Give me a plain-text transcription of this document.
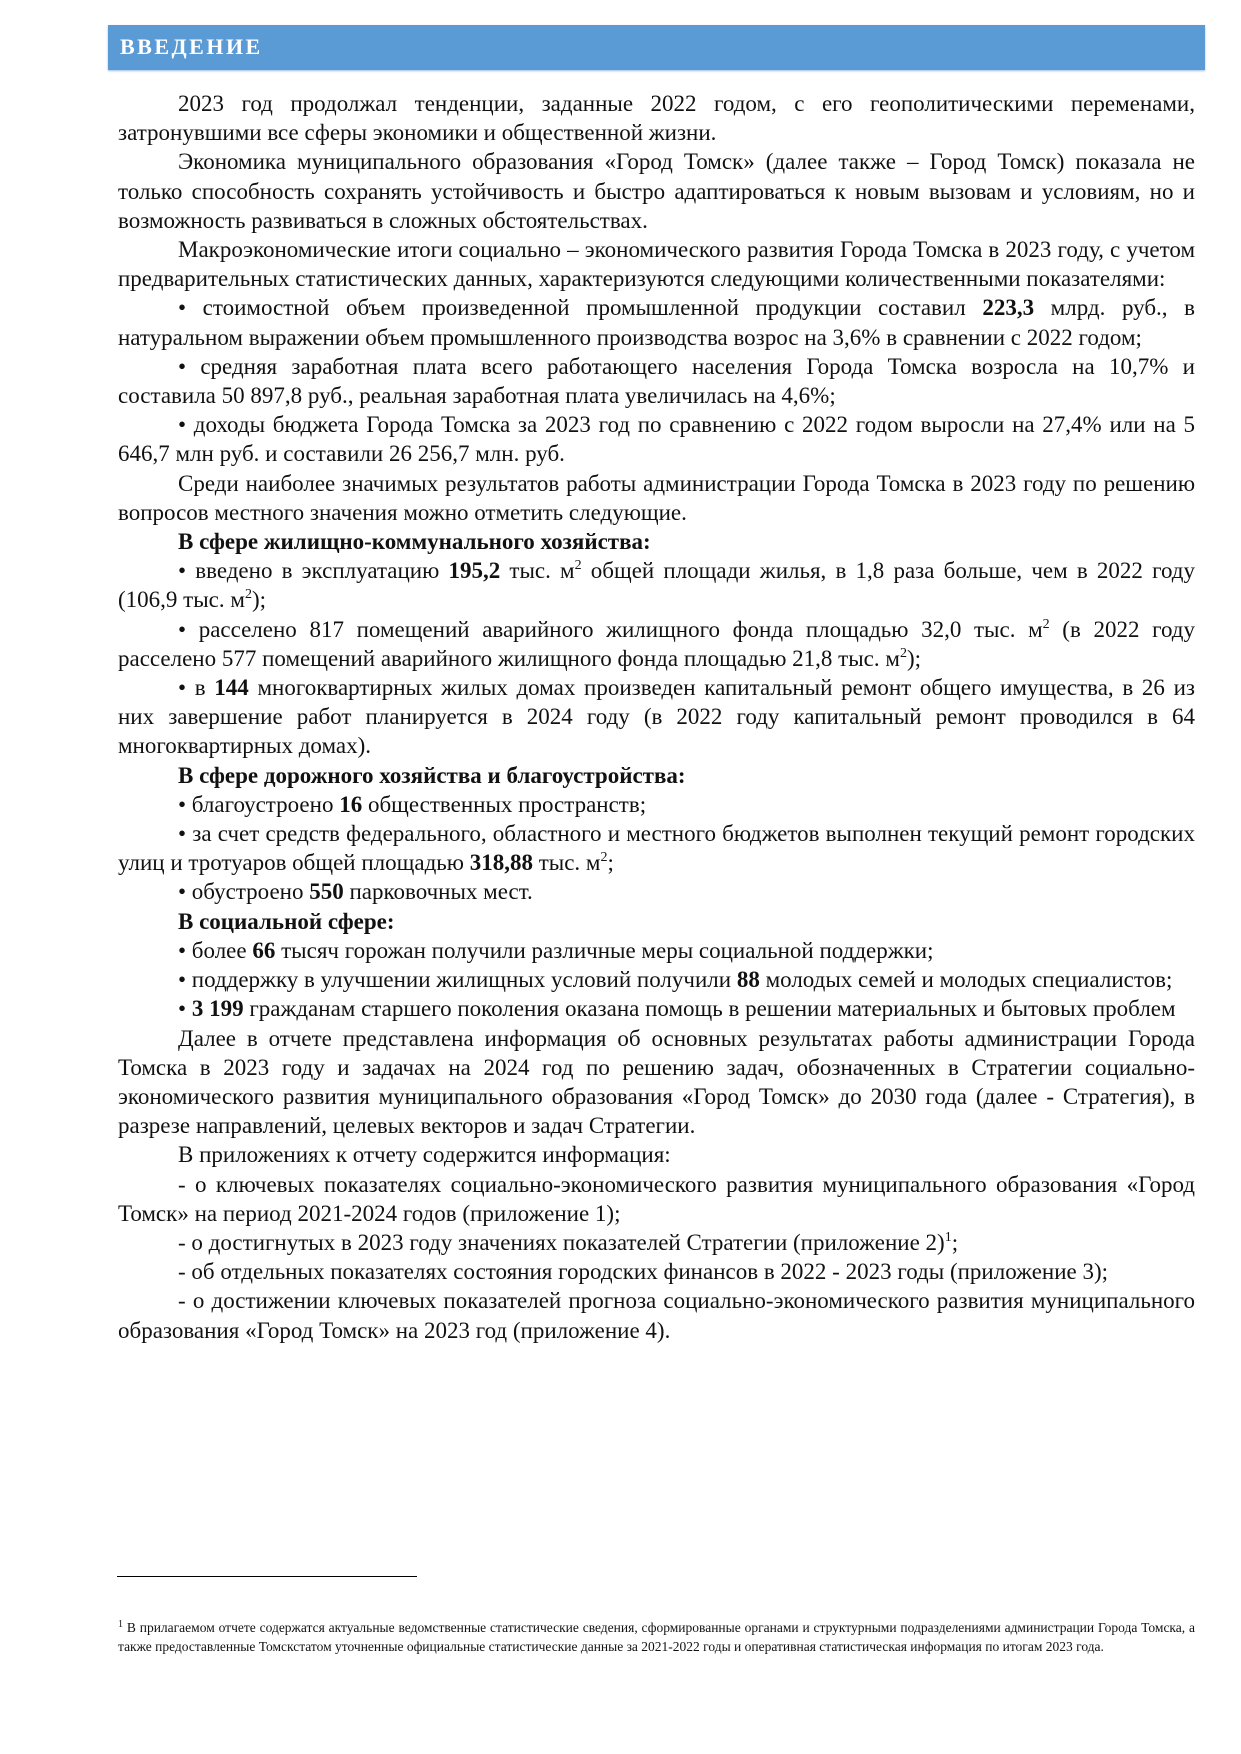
ВВЕДЕНИЕ

2023 год продолжал тенденции, заданные 2022 годом, с его геополитическими переменами, затронувшими все сферы экономики и общественной жизни.

Экономика муниципального образования «Город Томск» (далее также – Город Томск) показала не только способность сохранять устойчивость и быстро адаптироваться к новым вызовам и условиям, но и возможность развиваться в сложных обстоятельствах.

Макроэкономические итоги социально – экономического развития Города Томска в 2023 году, с учетом предварительных статистических данных, характеризуются следующими количественными показателями:

• стоимостной объем произведенной промышленной продукции составил 223,3 млрд. руб., в натуральном выражении объем промышленного производства возрос на 3,6% в сравнении с 2022 годом;

• средняя заработная плата всего работающего населения Города Томска возросла на 10,7% и составила 50 897,8 руб., реальная заработная плата увеличилась на 4,6%;

• доходы бюджета Города Томска за 2023 год по сравнению с 2022 годом выросли на 27,4% или на 5 646,7 млн руб. и составили 26 256,7 млн. руб.

Среди наиболее значимых результатов работы администрации Города Томска в 2023 году по решению вопросов местного значения можно отметить следующие.

В сфере жилищно-коммунального хозяйства:

• введено в эксплуатацию 195,2 тыс. $м^2$ общей площади жилья, в 1,8 раза больше, чем в 2022 году (106,9 тыс. $м^2$);

• расселено 817 помещений аварийного жилищного фонда площадью 32,0 тыс. $м^2$ (в 2022 году расселено 577 помещений аварийного жилищного фонда площадью 21,8 тыс. $м^2$);

• в 144 многоквартирных жилых домах произведен капитальный ремонт общего имущества, в 26 из них завершение работ планируется в 2024 году (в 2022 году капитальный ремонт проводился в 64 многоквартирных домах).

В сфере дорожного хозяйства и благоустройства:

• благоустроено 16 общественных пространств;

• за счет средств федерального, областного и местного бюджетов выполнен текущий ремонт городских улиц и тротуаров общей площадью 318,88 тыс. $м^2$;

• обустроено 550 парковочных мест.

В социальной сфере:

• более 66 тысяч горожан получили различные меры социальной поддержки;

• поддержку в улучшении жилищных условий получили 88 молодых семей и молодых специалистов;

• 3 199 гражданам старшего поколения оказана помощь в решении материальных и бытовых проблем

Далее в отчете представлена информация об основных результатах работы администрации Города Томска в 2023 году и задачах на 2024 год по решению задач, обозначенных в Стратегии социально-экономического развития муниципального образования «Город Томск» до 2030 года (далее - Стратегия), в разрезе направлений, целевых векторов и задач Стратегии.

В приложениях к отчету содержится информация:

- о ключевых показателях социально-экономического развития муниципального образования «Город Томск» на период 2021-2024 годов (приложение 1);

- о достигнутых в 2023 году значениях показателей Стратегии (приложение 2)$^1$;

- об отдельных показателях состояния городских финансов в 2022 - 2023 годы (приложение 3);

- о достижении ключевых показателей прогноза социально-экономического развития муниципального образования «Город Томск» на 2023 год (приложение 4).

$^1$ В прилагаемом отчете содержатся актуальные ведомственные статистические сведения, сформированные органами и структурными подразделениями администрации Города Томска, а также предоставленные Томскстатом уточненные официальные статистические данные за 2021-2022 годы и оперативная статистическая информация по итогам 2023 года.
